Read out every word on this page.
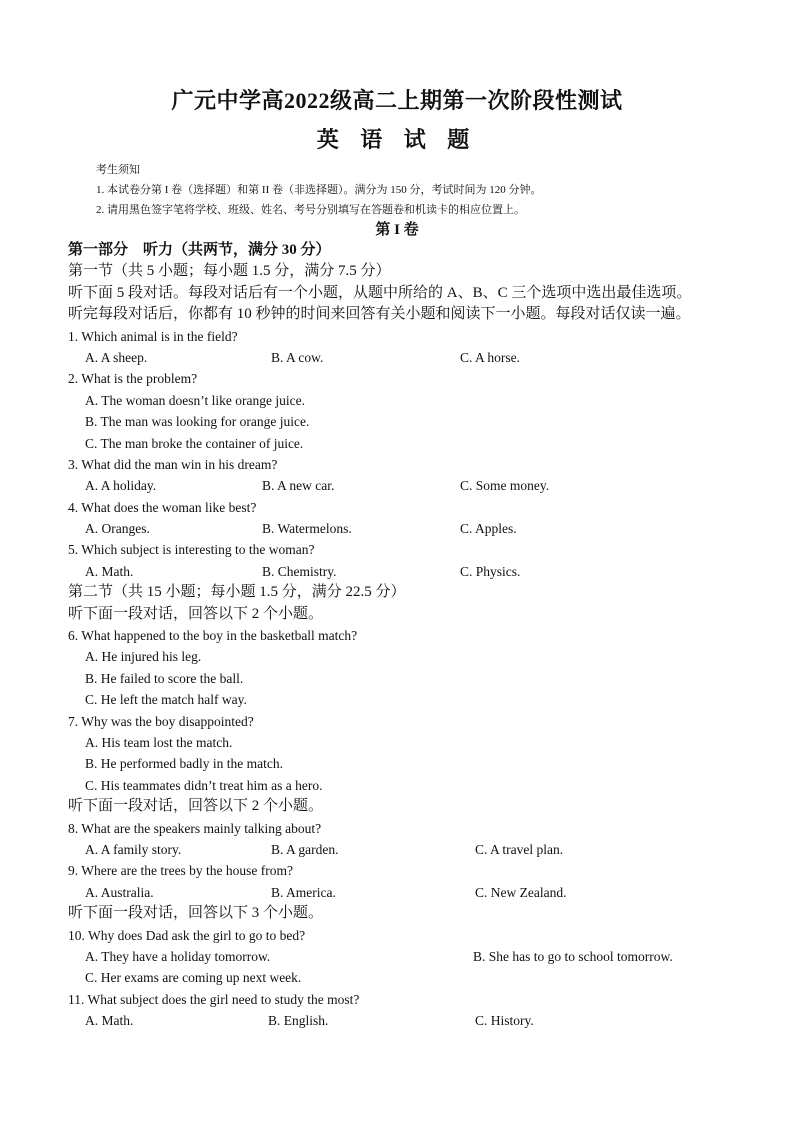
广元中学高2022级高二上期第一次阶段性测试
英 语 试 题
考生须知
1. 本试卷分第 I 卷（选择题）和第 II 卷（非选择题）。满分为 150 分，考试时间为 120 分钟。
2. 请用黑色签字笔将学校、班级、姓名、考号分别填写在答题卷和机读卡的相应位置上。
第 I 卷
第一部分　听力（共两节，满分 30 分）
第一节（共 5 小题；每小题 1.5 分，满分 7.5 分）
听下面 5 段对话。每段对话后有一个小题，从题中所给的 A、B、C 三个选项中选出最佳选项。
听完每段对话后，你都有 10 秒钟的时间来回答有关小题和阅读下一小题。每段对话仅读一遍。
1. Which animal is in the field?
A. A sheep.	B. A cow.	C. A horse.
2. What is the problem?
A. The woman doesn’t like orange juice.
B. The man was looking for orange juice.
C. The man broke the container of juice.
3. What did the man win in his dream?
A. A holiday.	B. A new car.	C. Some money.
4. What does the woman like best?
A. Oranges.	B. Watermelons.	C. Apples.
5. Which subject is interesting to the woman?
A. Math.	B. Chemistry.	C. Physics.
第二节（共 15 小题；每小题 1.5 分，满分 22.5 分）
听下面一段对话，回答以下 2 个小题。
6. What happened to the boy in the basketball match?
A. He injured his leg.
B. He failed to score the ball.
C. He left the match half way.
7. Why was the boy disappointed?
A. His team lost the match.
B. He performed badly in the match.
C. His teammates didn’t treat him as a hero.
听下面一段对话，回答以下 2 个小题。
8. What are the speakers mainly talking about?
A. A family story.	B. A garden.	C. A travel plan.
9. Where are the trees by the house from?
A. Australia.	B. America.	C. New Zealand.
听下面一段对话，回答以下 3 个小题。
10. Why does Dad ask the girl to go to bed?
A. They have a holiday tomorrow.	B. She has to go to school tomorrow.
C. Her exams are coming up next week.
11. What subject does the girl need to study the most?
A. Math.	B. English.	C. History.
